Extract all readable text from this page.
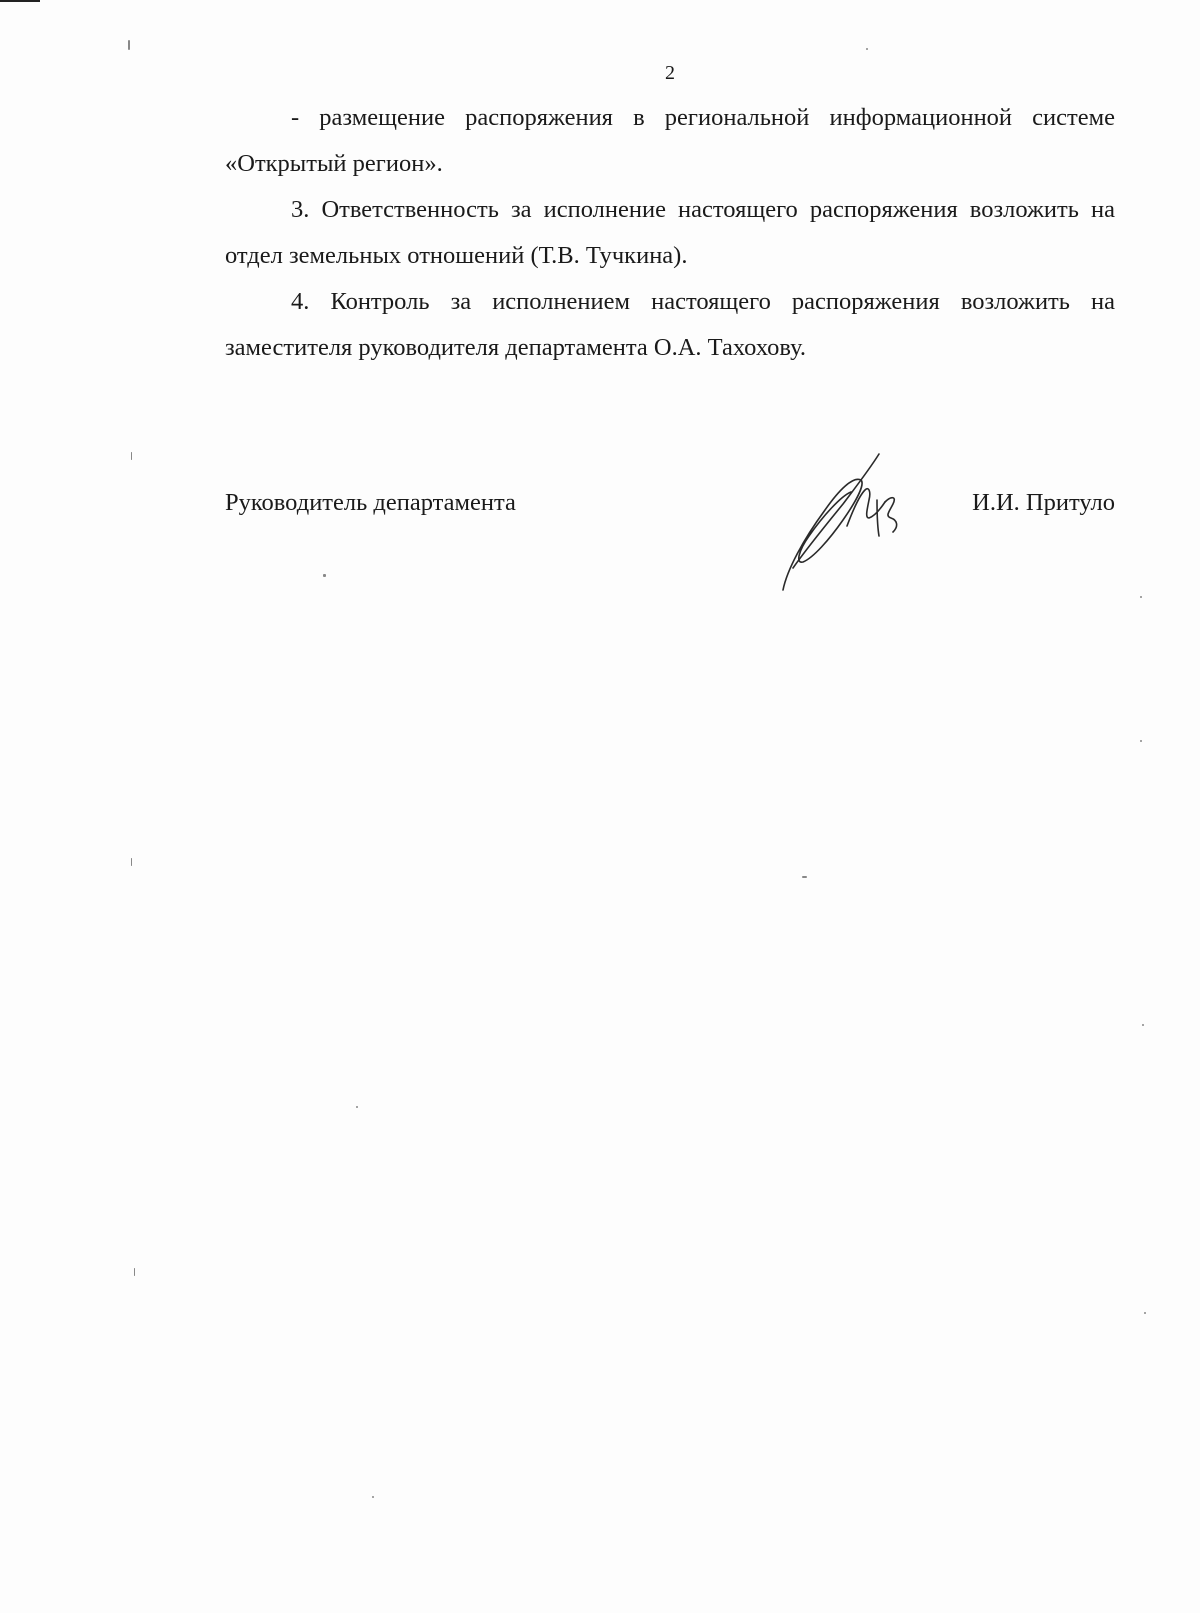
2

- размещение распоряжения в региональной информационной системе «Открытый регион».

3. Ответственность за исполнение настоящего распоряжения возложить на отдел земельных отношений (Т.В. Тучкина).

4. Контроль за исполнением настоящего распоряжения возложить на заместителя руководителя департамента О.А. Тахохову.

Руководитель департамента	И.И. Притуло
